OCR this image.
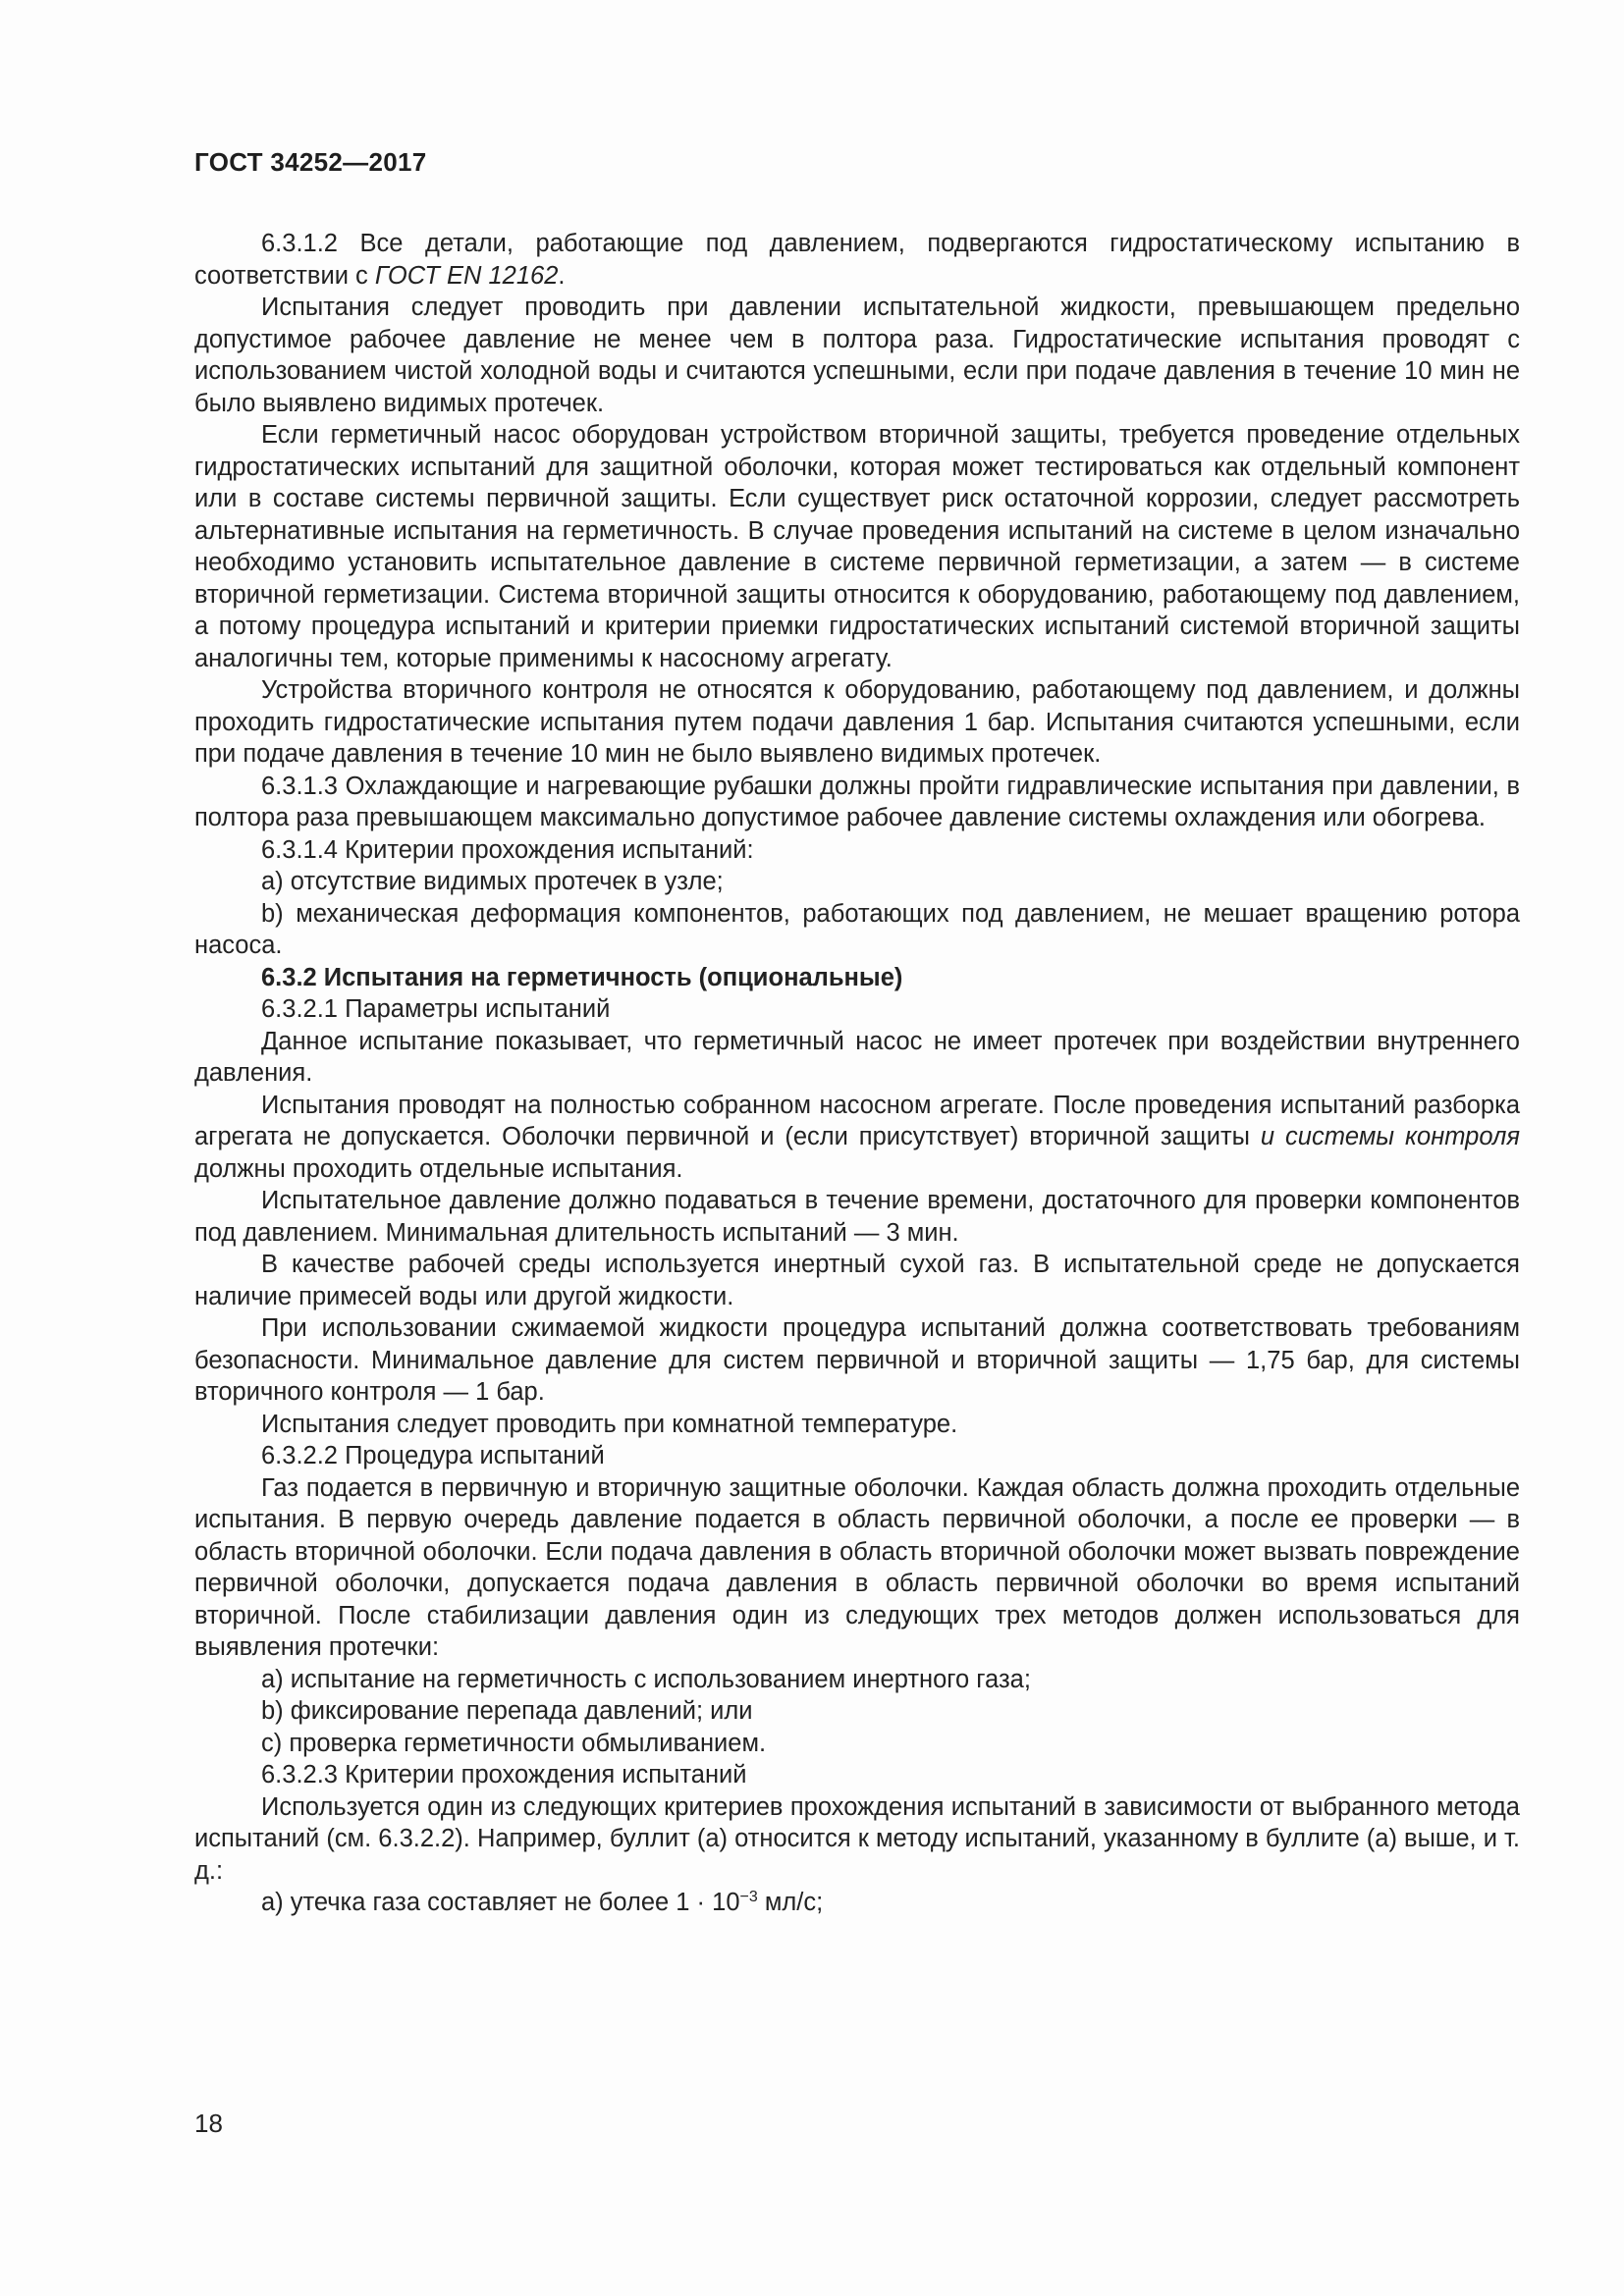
ГОСТ 34252—2017

6.3.1.2 Все детали, работающие под давлением, подвергаются гидростатическому испытанию в соответствии с ГОСТ EN 12162.

Испытания следует проводить при давлении испытательной жидкости, превышающем предельно допустимое рабочее давление не менее чем в полтора раза. Гидростатические испытания проводят с использованием чистой холодной воды и считаются успешными, если при подаче давления в течение 10 мин не было выявлено видимых протечек.

Если герметичный насос оборудован устройством вторичной защиты, требуется проведение отдельных гидростатических испытаний для защитной оболочки, которая может тестироваться как отдельный компонент или в составе системы первичной защиты. Если существует риск остаточной коррозии, следует рассмотреть альтернативные испытания на герметичность. В случае проведения испытаний на системе в целом изначально необходимо установить испытательное давление в системе первичной герметизации, а затем — в системе вторичной герметизации. Система вторичной защиты относится к оборудованию, работающему под давлением, а потому процедура испытаний и критерии приемки гидростатических испытаний системой вторичной защиты аналогичны тем, которые применимы к насосному агрегату.

Устройства вторичного контроля не относятся к оборудованию, работающему под давлением, и должны проходить гидростатические испытания путем подачи давления 1 бар. Испытания считаются успешными, если при подаче давления в течение 10 мин не было выявлено видимых протечек.

6.3.1.3 Охлаждающие и нагревающие рубашки должны пройти гидравлические испытания при давлении, в полтора раза превышающем максимально допустимое рабочее давление системы охлаждения или обогрева.

6.3.1.4 Критерии прохождения испытаний:

a) отсутствие видимых протечек в узле;

b) механическая деформация компонентов, работающих под давлением, не мешает вращению ротора насоса.

6.3.2 Испытания на герметичность (опциональные)

6.3.2.1 Параметры испытаний

Данное испытание показывает, что герметичный насос не имеет протечек при воздействии внутреннего давления.

Испытания проводят на полностью собранном насосном агрегате. После проведения испытаний разборка агрегата не допускается. Оболочки первичной и (если присутствует) вторичной защиты и системы контроля должны проходить отдельные испытания.

Испытательное давление должно подаваться в течение времени, достаточного для проверки компонентов под давлением. Минимальная длительность испытаний — 3 мин.

В качестве рабочей среды используется инертный сухой газ. В испытательной среде не допускается наличие примесей воды или другой жидкости.

При использовании сжимаемой жидкости процедура испытаний должна соответствовать требованиям безопасности. Минимальное давление для систем первичной и вторичной защиты — 1,75 бар, для системы вторичного контроля — 1 бар.

Испытания следует проводить при комнатной температуре.

6.3.2.2 Процедура испытаний

Газ подается в первичную и вторичную защитные оболочки. Каждая область должна проходить отдельные испытания. В первую очередь давление подается в область первичной оболочки, а после ее проверки — в область вторичной оболочки. Если подача давления в область вторичной оболочки может вызвать повреждение первичной оболочки, допускается подача давления в область первичной оболочки во время испытаний вторичной. После стабилизации давления один из следующих трех методов должен использоваться для выявления протечки:

a) испытание на герметичность с использованием инертного газа;

b) фиксирование перепада давлений; или

c) проверка герметичности обмыливанием.

6.3.2.3 Критерии прохождения испытаний

Используется один из следующих критериев прохождения испытаний в зависимости от выбранного метода испытаний (см. 6.3.2.2). Например, буллит (а) относится к методу испытаний, указанному в буллите (а) выше, и т. д.:

a) утечка газа составляет не более $1 \cdot 10^{-3}$ мл/с;

18
